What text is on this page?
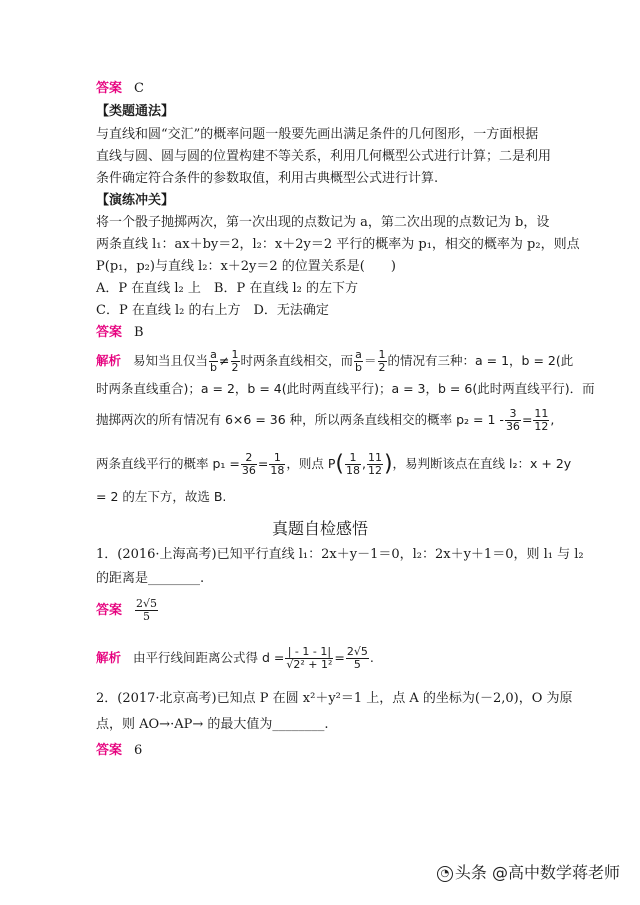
答案 C
【类题通法】
与直线和圆“交汇”的概率问题一般要先画出满足条件的几何图形，一方面根据
直线与圆、圆与圆的位置构建不等关系，利用几何概型公式进行计算；二是利用
条件确定符合条件的参数取值，利用古典概型公式进行计算.
【演练冲关】
将一个骰子抛掷两次，第一次出现的点数记为 a，第二次出现的点数记为 b，设
两条直线 l₁：ax＋by＝2，l₂：x＋2y＝2 平行的概率为 p₁，相交的概率为 p₂，则点
P(p₁，p₂)与直线 l₂：x＋2y＝2 的位置关系是(　　)
A．P 在直线 l₂ 上　B．P 在直线 l₂ 的左下方
C．P 在直线 l₂ 的右上方　D．无法确定
答案 B
解析 易知当且仅当 $\frac{a}{b} \ne \frac{1}{2}$ 时两条直线相交，而 $\frac{a}{b} = \frac{1}{2}$ 的情况有三种：a = 1，b = 2(此
时两条直线重合)；a = 2，b = 4(此时两直线平行)；a = 3，b = 6(此时两直线平行)．而
抛掷两次的所有情况有 6×6 = 36 种，所以两条直线相交的概率 $p_2 = 1 - \frac{3}{36} = \frac{11}{12}$ ,
两条直线平行的概率 $p_1 = \frac{2}{36} = \frac{1}{18}$ ，则点 $P( \frac{1}{18}$ , $\frac{11}{12}$ )，易判断该点在直线 l₂：x + 2y
= 2 的左下方，故选 B.
真题自检感悟
1．(2016·上海高考)已知平行直线 l₁：2x＋y－1＝0，l₂：2x＋y＋1＝0，则 l₁ 与 l₂
的距离是________.
答案 $\frac{2√5}{5}$
解析 由平行线间距离公式得 $d = \frac{| - 1 - 1|}{\text{√2² + 1²}} = \frac{2√5}{5}$ .
2．(2017·北京高考)已知点 P 在圆 x²＋y²＝1 上，点 A 的坐标为(－2,0)，O 为原
点，则 AO→·AP→ 的最大值为________.
答案 6
◔ 头条 @高中数学蒋老师
